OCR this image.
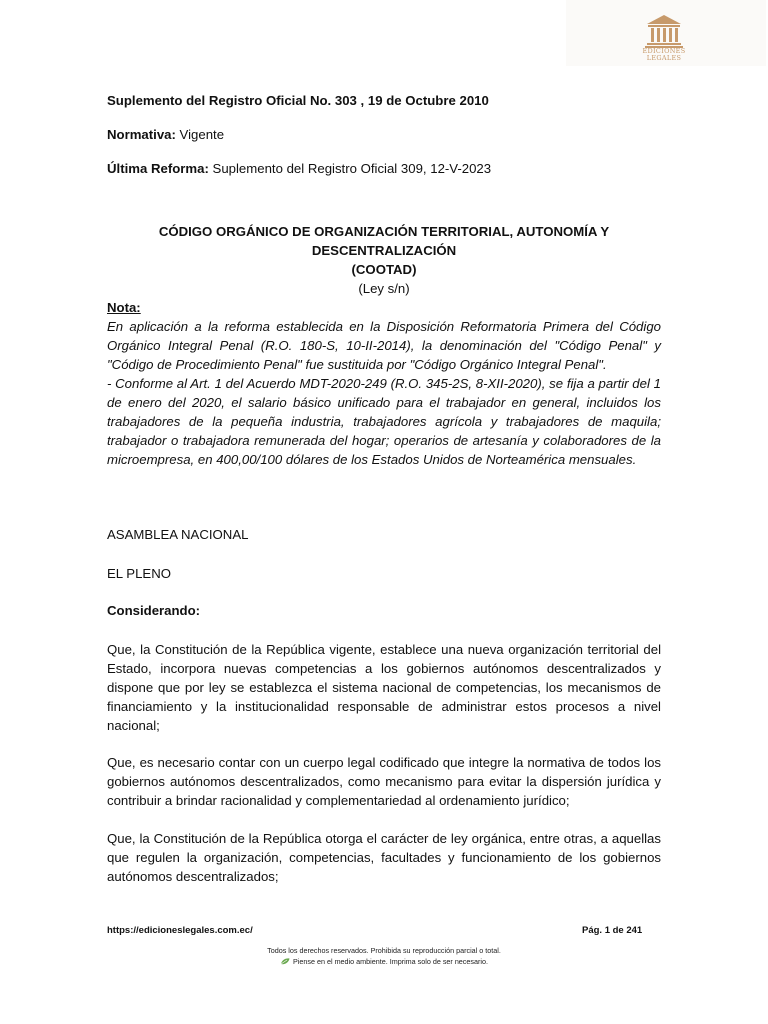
EDICIONES
LEGALES
Suplemento del Registro Oficial No. 303 , 19 de Octubre 2010
Normativa: Vigente
Última Reforma: Suplemento del Registro Oficial 309, 12-V-2023
CÓDIGO ORGÁNICO DE ORGANIZACIÓN TERRITORIAL, AUTONOMÍA Y
DESCENTRALIZACIÓN
(COOTAD)
(Ley s/n)
Nota:
En aplicación a la reforma establecida en la Disposición Reformatoria Primera del Código Orgánico Integral Penal (R.O. 180-S, 10-II-2014), la denominación del "Código Penal" y "Código de Procedimiento Penal" fue sustituida por "Código Orgánico Integral Penal".
- Conforme al Art. 1 del Acuerdo MDT-2020-249 (R.O. 345-2S, 8-XII-2020), se fija a partir del 1 de enero del 2020, el salario básico unificado para el trabajador en general, incluidos los trabajadores de la pequeña industria, trabajadores agrícola y trabajadores de maquila; trabajador o trabajadora remunerada del hogar; operarios de artesanía y colaboradores de la microempresa, en 400,00/100 dólares de los Estados Unidos de Norteamérica mensuales.
ASAMBLEA NACIONAL
EL PLENO
Considerando:
Que, la Constitución de la República vigente, establece una nueva organización territorial del Estado, incorpora nuevas competencias a los gobiernos autónomos descentralizados y dispone que por ley se establezca el sistema nacional de competencias, los mecanismos de financiamiento y la institucionalidad responsable de administrar estos procesos a nivel nacional;
Que, es necesario contar con un cuerpo legal codificado que integre la normativa de todos los gobiernos autónomos descentralizados, como mecanismo para evitar la dispersión jurídica y contribuir a brindar racionalidad y complementariedad al ordenamiento jurídico;
Que, la Constitución de la República otorga el carácter de ley orgánica, entre otras, a aquellas que regulen la organización, competencias, facultades y funcionamiento de los gobiernos autónomos descentralizados;
https://edicioneslegales.com.ec/	Pág. 1 de 241
Todos los derechos reservados. Prohibida su reproducción parcial o total.
Piense en el medio ambiente. Imprima solo de ser necesario.
